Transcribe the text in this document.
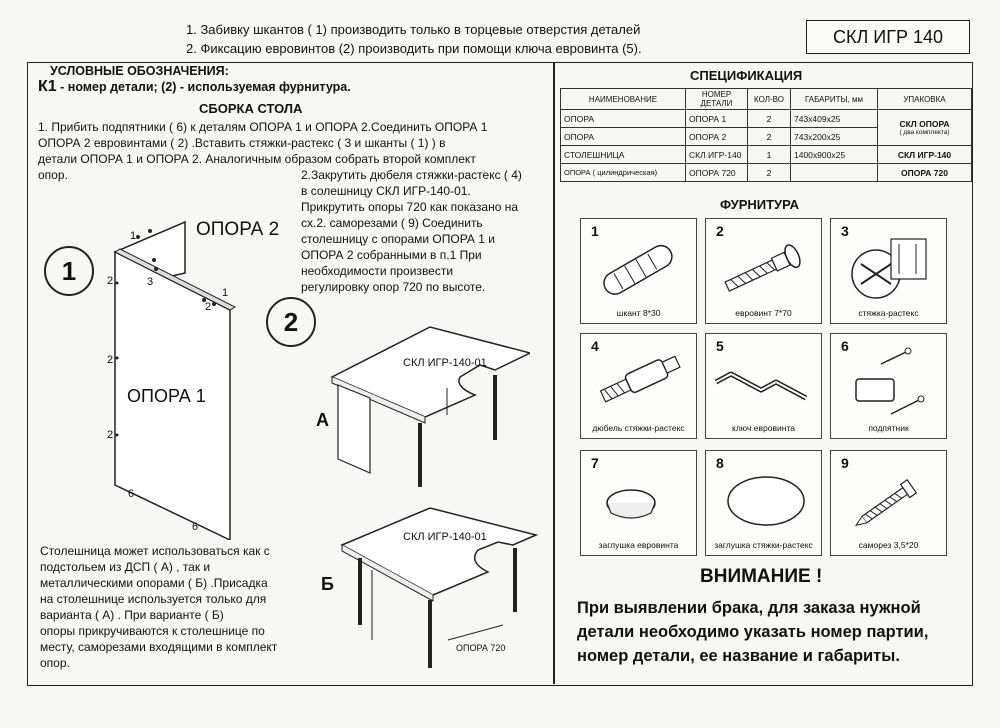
1. Забивку шкантов ( 1) производить только в торцевые отверстия деталей
2. Фиксацию евровинтов (2) производить при помощи ключа евровинта (5).
СКЛ ИГР 140
УСЛОВНЫЕ ОБОЗНАЧЕНИЯ:
К1 - номер детали; (2) - используемая фурнитура.
СБОРКА СТОЛА
1. Прибить подпятники ( 6) к деталям ОПОРА 1 и ОПОРА 2.Соединить ОПОРА 1
ОПОРА 2 евровинтами ( 2) .Вставить стяжки-растекс ( 3 и шканты ( 1) ) в
детали ОПОРА 1 и ОПОРА 2. Аналогичным образом собрать второй комплект
опор.	2.Закрутить дюбеля стяжки-растекс ( 4)
в солешницу СКЛ ИГР-140-01.
Прикрутить опоры 720 как показано на
сх.2. саморезами ( 9) Соединить
столешницу с опорами ОПОРА 1 и
ОПОРА 2 собранными в п.1 При
необходимости произвести
регулировку опор 720 по высоте.
Столешница может использоваться как с
подстольем из ДСП ( А) , так и
металлическими опорами ( Б) .Присадка
на столешнице используется только для
варианта ( А) . При варианте ( Б)
опоры прикручиваются к столешнице по
месту, саморезами входящими в комплект
опор.
1
2
ОПОРА 2
ОПОРА 1
1
2	3
2
1
2
2
6
6
СКЛ ИГР-140-01
А
СКЛ ИГР-140-01
Б
ОПОРА 720
СПЕЦИФИКАЦИЯ
НАИМЕНОВАНИЕ	НОМЕР ДЕТАЛИ	КОЛ-ВО	ГАБАРИТЫ, мм	УПАКОВКА
ОПОРА	ОПОРА 1	2	743х409х25	СКЛ ОПОРА
( два комплекта)

ОПОРА	ОПОРА 2	2	743х200х25	
СТОЛЕШНИЦА	СКЛ ИГР-140	1	1400х900х25	СКЛ ИГР-140
ОПОРА ( цилиндрическая)	ОПОРА 720	2		ОПОРА 720
ФУРНИТУРА
1
шкант 8*30
2
евровинт 7*70
3
стяжка-растекс
4
дюбель стяжки-растекс
5
ключ евровинта
6
подпятник
7
заглушка евровинта
8
заглушка стяжки-растекс
9
саморез 3,5*20
ВНИМАНИЕ !
При выявлении брака, для заказа нужной
детали необходимо указать номер партии,
номер детали, ее название и габариты.
